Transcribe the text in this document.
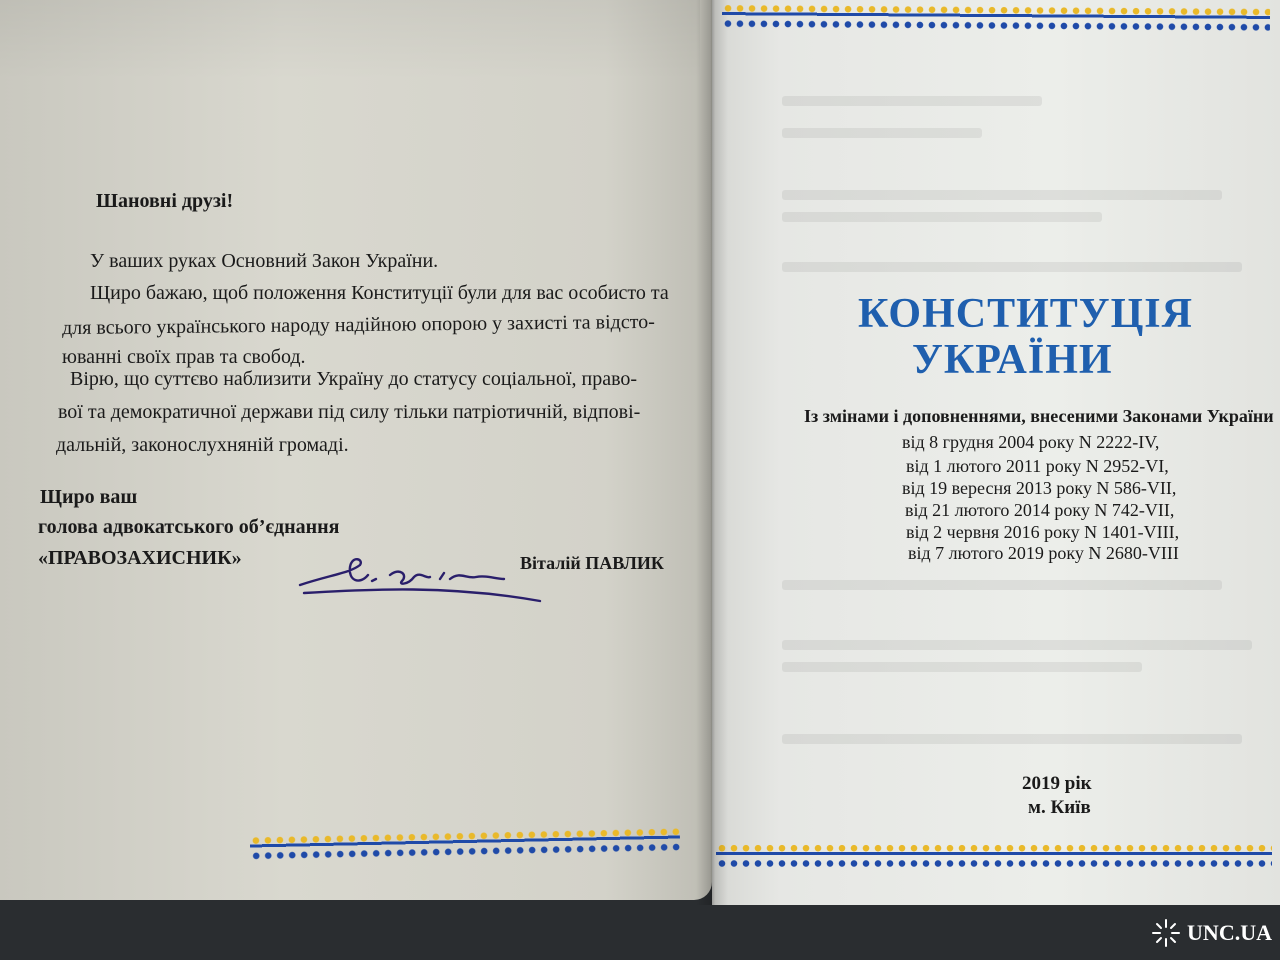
Шановні друзі!
У ваших руках Основний Закон України.
Щиро бажаю, щоб положення Конституції були для вас особисто та
для всього українського народу надійною опорою у захисті та відсто-
юванні своїх прав та свобод.
Вірю, що суттєво наблизити Україну до статусу соціальної, право-
вої та демократичної держави під силу тільки патріотичній, відпові-
дальній, законослухняній громаді.
Щиро ваш
голова адвокатського об’єднання
«ПРАВОЗАХИСНИК»	Віталій ПАВЛИК
КОНСТИТУЦІЯ
УКРАЇНИ
Із змінами і доповненнями, внесеними Законами України
від 8 грудня 2004 року N 2222-IV,
від 1 лютого 2011 року N 2952-VI,
від 19 вересня 2013 року N 586-VII,
від 21 лютого 2014 року N 742-VII,
від 2 червня 2016 року N 1401-VIII,
від 7 лютого 2019 року N 2680-VIII
2019 рік
м. Київ
UNC.UA
